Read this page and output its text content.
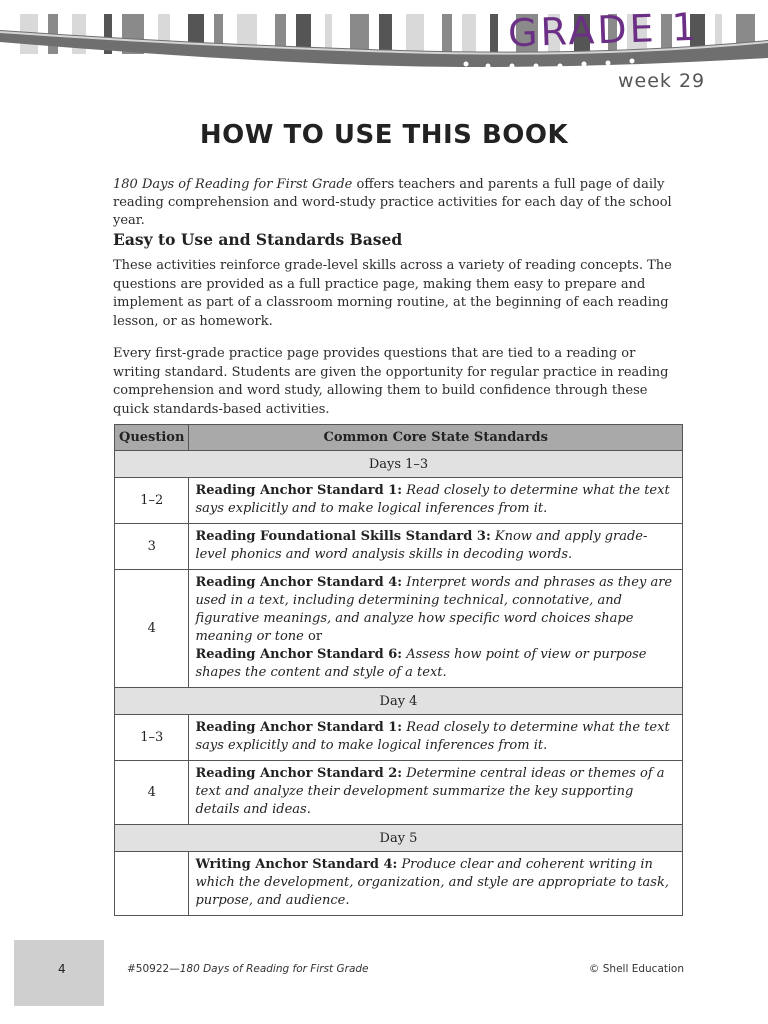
GRADE 1
week 29
HOW TO USE THIS BOOK
180 Days of Reading for First Grade offers teachers and parents a full page of daily reading comprehension and word-study practice activities for each day of the school year.
Easy to Use and Standards Based
These activities reinforce grade-level skills across a variety of reading concepts. The questions are provided as a full practice page, making them easy to prepare and implement as part of a classroom morning routine, at the beginning of each reading lesson, or as homework.
Every first-grade practice page provides questions that are tied to a reading or writing standard. Students are given the opportunity for regular practice in reading comprehension and word study, allowing them to build confidence through these quick standards-based activities.
Question	Common Core State Standards
Days 1–3	
1–2	Reading Anchor Standard 1: Read closely to determine what the text says explicitly and to make logical inferences from it.
3	Reading Foundational Skills Standard 3: Know and apply grade-level phonics and word analysis skills in decoding words.
4	Reading Anchor Standard 4: Interpret words and phrases as they are used in a text, including determining technical, connotative, and figurative meanings, and analyze how specific word choices shape meaning or tone or
Reading Anchor Standard 6: Assess how point of view or purpose shapes the content and style of a text.
Day 4	
1–3	Reading Anchor Standard 1: Read closely to determine what the text says explicitly and to make logical inferences from it.
4	Reading Anchor Standard 2: Determine central ideas or themes of a text and analyze their development summarize the key supporting details and ideas.
Day 5	
	Writing Anchor Standard 4: Produce clear and coherent writing in which the development, organization, and style are appropriate to task, purpose, and audience.
4	#50922—180 Days of Reading for First Grade	© Shell Education
